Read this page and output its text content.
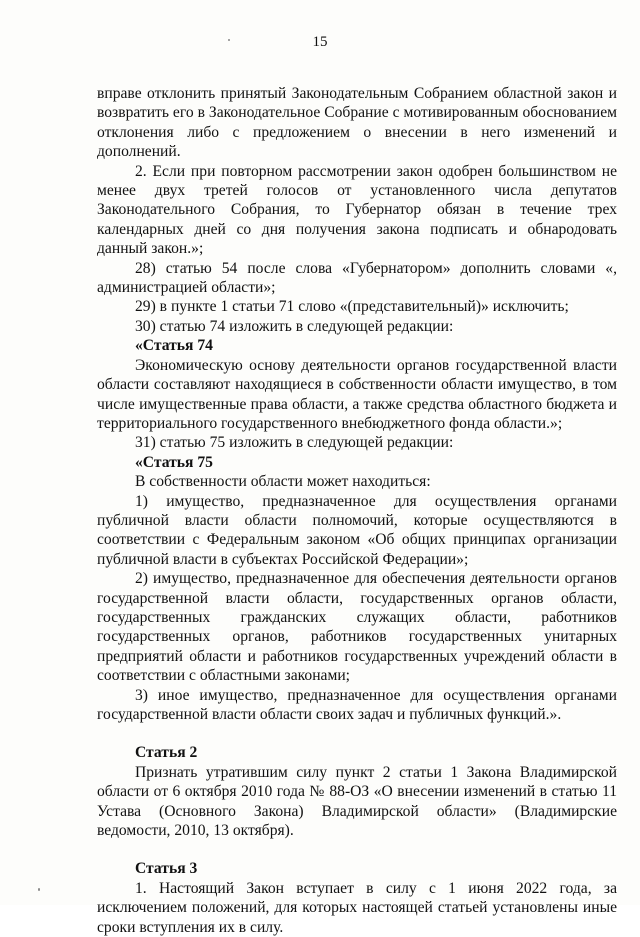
15

вправе отклонить принятый Законодательным Собранием областной закон и возвратить его в Законодательное Собрание с мотивированным обоснованием отклонения либо с предложением о внесении в него изменений и дополнений.

2. Если при повторном рассмотрении закон одобрен большинством не менее двух третей голосов от установленного числа депутатов Законодательного Собрания, то Губернатор обязан в течение трех календарных дней со дня получения закона подписать и обнародовать данный закон.»;

28) статью 54 после слова «Губернатором» дополнить словами «, администрацией области»;

29) в пункте 1 статьи 71 слово «(представительный)» исключить;

30) статью 74 изложить в следующей редакции:

«Статья 74

Экономическую основу деятельности органов государственной власти области составляют находящиеся в собственности области имущество, в том числе имущественные права области, а также средства областного бюджета и территориального государственного внебюджетного фонда области.»;

31) статью 75 изложить в следующей редакции:

«Статья 75

В собственности области может находиться:

1) имущество, предназначенное для осуществления органами публичной власти области полномочий, которые осуществляются в соответствии с Федеральным законом «Об общих принципах организации публичной власти в субъектах Российской Федерации»;

2) имущество, предназначенное для обеспечения деятельности органов государственной власти области, государственных органов области, государственных гражданских служащих области, работников государственных органов, работников государственных унитарных предприятий области и работников государственных учреждений области в соответствии с областными законами;

3) иное имущество, предназначенное для осуществления органами государственной власти области своих задач и публичных функций.».

Статья 2

Признать утратившим силу пункт 2 статьи 1 Закона Владимирской области от 6 октября 2010 года № 88-ОЗ «О внесении изменений в статью 11 Устава (Основного Закона) Владимирской области» (Владимирские ведомости, 2010, 13 октября).

Статья 3

1. Настоящий Закон вступает в силу с 1 июня 2022 года, за исключением положений, для которых настоящей статьей установлены иные сроки вступления их в силу.
